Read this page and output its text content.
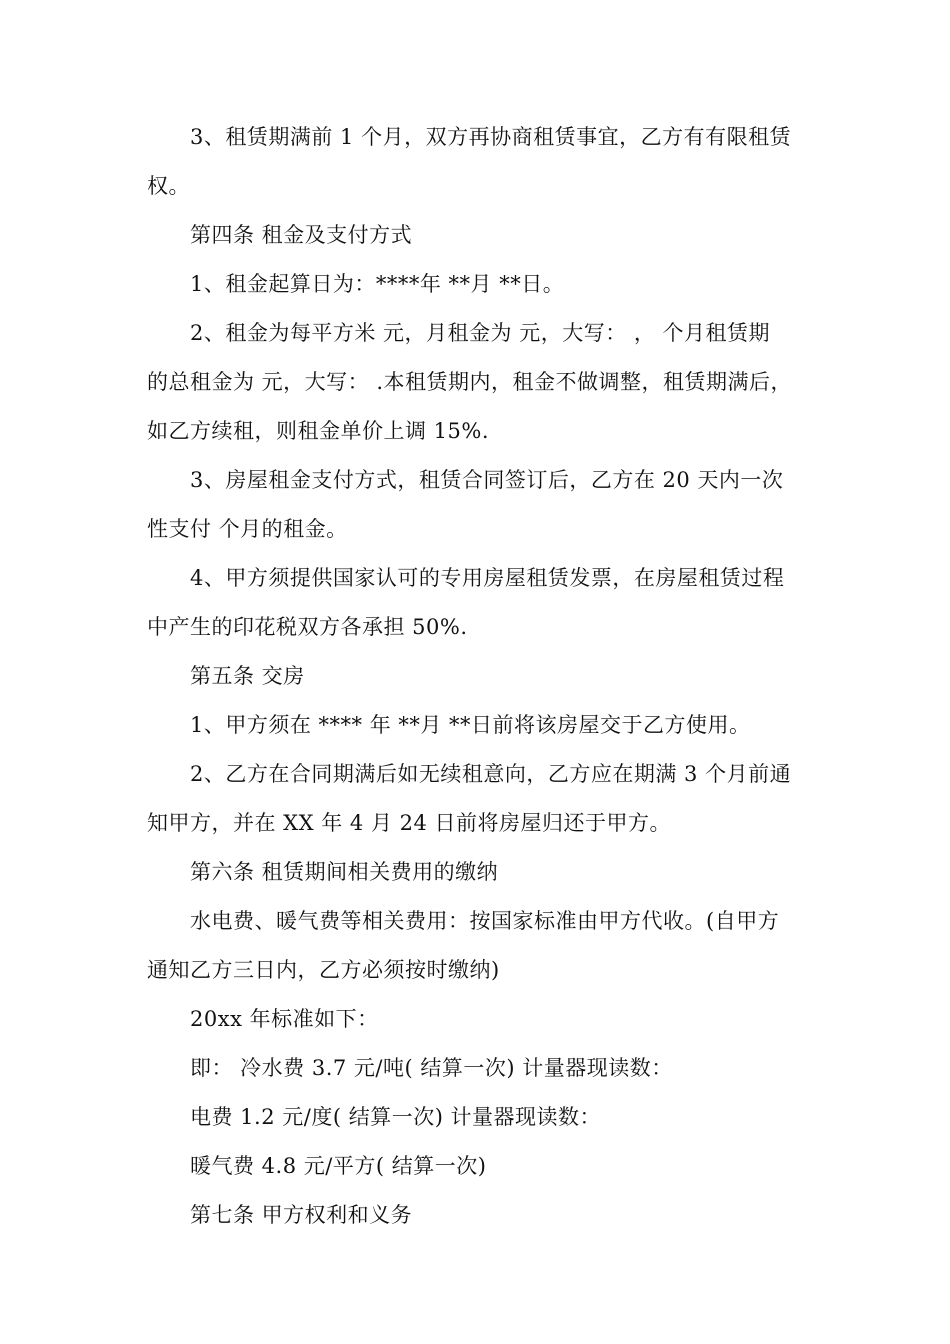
3、租赁期满前 1 个月，双方再协商租赁事宜，乙方有有限租赁
权。
第四条 租金及支付方式
1、租金起算日为：****年 **月 **日。
2、租金为每平方米 元，月租金为 元，大写： ， 个月租赁期
的总租金为 元，大写： .本租赁期内，租金不做调整，租赁期满后，
如乙方续租，则租金单价上调 15%.
3、房屋租金支付方式，租赁合同签订后，乙方在 20 天内一次
性支付 个月的租金。
4、甲方须提供国家认可的专用房屋租赁发票，在房屋租赁过程
中产生的印花税双方各承担 50%.
第五条 交房
1、甲方须在 **** 年 **月 **日前将该房屋交于乙方使用。
2、乙方在合同期满后如无续租意向，乙方应在期满 3 个月前通
知甲方，并在 XX 年 4 月 24 日前将房屋归还于甲方。
第六条 租赁期间相关费用的缴纳
水电费、暖气费等相关费用：按国家标准由甲方代收。(自甲方
通知乙方三日内，乙方必须按时缴纳)
20xx 年标准如下：
即： 冷水费 3.7 元/吨( 结算一次) 计量器现读数：
电费 1.2 元/度( 结算一次) 计量器现读数：
暖气费 4.8 元/平方( 结算一次)
第七条 甲方权利和义务
